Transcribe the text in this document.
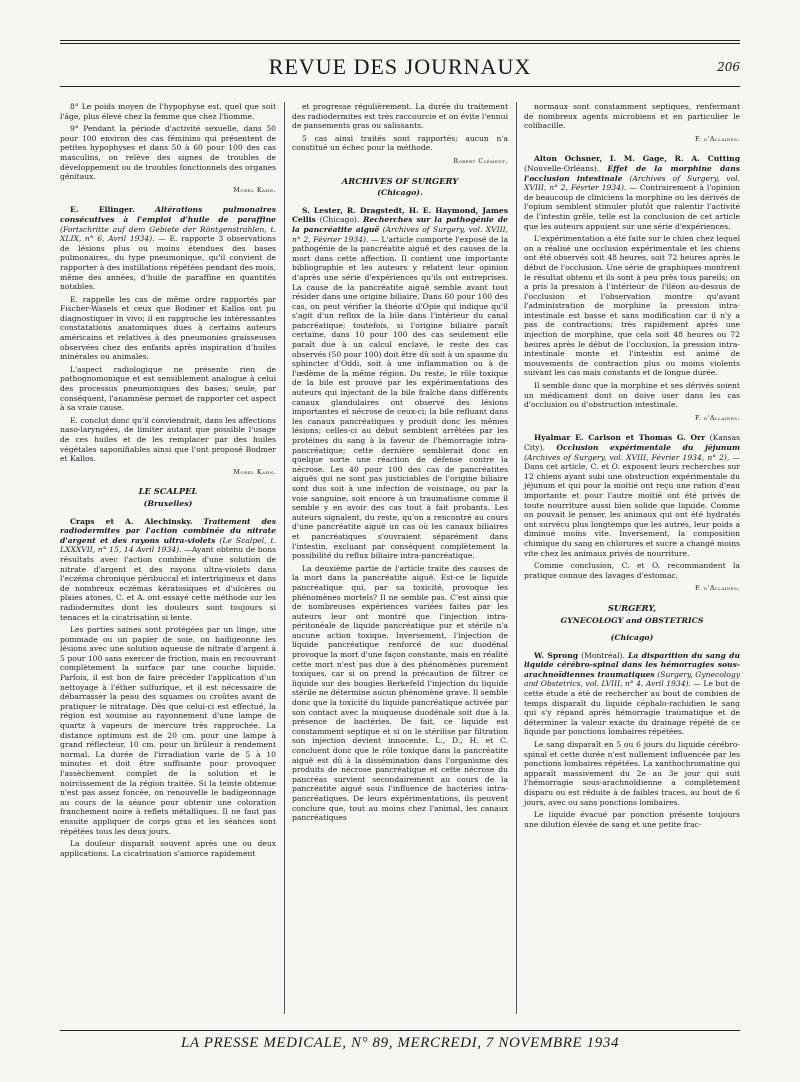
REVUE DES JOURNAUX	206

8° Le poids moyen de l'hypophyse est, quel que soit l'âge, plus élevé chez la femme que chez l'homme.

9° Pendant la période d'activité sexuelle, dans 50 pour 100 environ des cas féminins qui présentent de petites hypophyses et dans 50 à 60 pour 100 des cas masculins, on relève des signes de troubles de développement ou de troubles fonctionnels des organes génitaux.

Morel Kahn.

E. Ellinger.	Altérations pulmonaires consécutives à l'emploi d'huile de paraffine (Fortschritte auf dem Gebiete der Röntgenstrahlen, t. XLIX, n° 6, Avril 1934). — E. rapporte 3 observations de lésions plus ou moins étendues des bases pulmonaires, du type pneumonique, qu'il convient de rapporter à des instillations répétées pendant des mois, même des années, d'huile de paraffine en quantités notables.

E. rappelle les cas de même ordre rapportés par Fischer-Wasels et ceux que Bodmer et Kallos ont pu diagnostiquer in vivo; il en rapproche les intéressantes constatations anatomiques dues à certains auteurs américains et relatives à des pneumonies graisseuses observées chez des enfants après inspiration d'huiles minérales ou animales.

L'aspect radiologique ne présente rien de pathognomonique et est sensiblement analogue à celui des processus pneumoniques des bases; seule, par conséquent, l'anamnèse permet de rapporter cet aspect à sa vraie cause.

E. conclut donc qu'il conviendrait, dans les affections naso-laryngées, de limiter autant que possible l'usage de ces huiles et de les remplacer par des huiles végétales saponifiables ainsi que l'ont proposé Bodmer et Kallos.

Morel Kahn.
LE SCALPEL
(Bruxelles)

Craps et A. Alechinsky. Traitement des radiodermites par l'action combinée du nitrate d'argent et des rayons ultra-violets (Le Scalpel, t. LXXXVII, n° 15, 14 Avril 1934). —Ayant obtenu de bons résultats avec l'action combinée d'une solution de nitrate d'argent et des rayons ultra-violets dans l'eczéma chronique péribuccal et intertrigineux et dans de nombreux eczémas kératosiques et d'ulcères ou plaies atones, C. et A. ont essayé cette méthode sur les radiodermites dont les douleurs sont toujours si tenaces et la cicatrisation si lente.

Les parties saines sont protégées par un linge, une pommade ou un papier de soie, on badigeonne les lésions avec une solution aqueuse de nitrate d'argent à 5 pour 100 sans exercer de friction, mais en recouvrant complètement la surface par une couche liquide. Parfois, il est bon de faire précéder l'application d'un nettoyage à l'éther sulfurique, et il est nécessaire de débarrasser la peau des squames ou croûtes avant de pratiquer le nitratage. Dès que celui-ci est effectué, la région est soumise au rayonnement d'une lampe de quartz à vapeurs de mercure très rapprochée. La distance optimum est de 20 cm. pour une lampe à grand réflecteur, 10 cm. pour un brûleur à rendement normal. La durée de l'irradiation varie de 5 à 10 minutes et doit être suffisante pour provoquer l'assèchement complet de la solution et le noircissement de la région traitée. Si la teinte obtenue n'est pas assez foncée, on renouvelle le badigeonnage au cours de la séance pour obtenir une coloration franchement noire à reflets métalliques. Il ne faut pas ensuite appliquer de corps gras et les séances sont répétées tous les deux jours.

La douleur disparaît souvent après une ou deux applications. La cicatrisation s'amorce rapidement

et progresse régulièrement. La durée du traitement des radiodermites est très raccourcie et on évite l'ennui de pansements gras ou salissants.

5 cas ainsi traités sont rapportés; aucun n'a constitué un échec pour la méthode.

Robert Clément.
ARCHIVES OF SURGERY
(Chicago).

S. Lester, R. Dragstedt, H. E. Haymond, James Cellis (Chicago). Recherches sur la pathogénie de la pancréatite aiguë (Archives of Surgery, vol. XVIII, n° 2, Février 1934). — L'article comporte l'exposé de la pathogénie de la pancréatite aiguë et des causes de la mort dans cette affection. Il contient une importante bibliographie et les auteurs y relatent leur opinion d'après une série d'expériences qu'ils ont entreprises. La cause de la pancréatite aiguë semble avant tout résider dans une origine biliaire. Dans 60 pour 100 des cas, on peut vérifier la théorie d'Opie qui indique qu'il s'agit d'un reflux de la bile dans l'intérieur du canal pancréatique; toutefois, si l'origine biliaire paraît certaine, dans 10 pour 100 des cas seulement elle paraît due à un calcul enclavé, le reste des cas observés (50 pour 100) doit être dû soit à un spasme du sphincter d'Oddi, soit à une inflammation ou à de l'œdème de la même région. Du reste, le rôle toxique de la bile est prouvé par les expérimentations des auteurs qui injectant de la bile fraîche dans différents canaux glandulaires ont observé des lésions importantes et nécrose de ceux-ci; la bile refluant dans les canaux pancréatiques y produit donc les mêmes lésions; celles-ci au début semblent arrêtées par les protéines du sang à la faveur de l'hémorragie intra-pancréatique; cette dernière semblerait donc en quelque sorte une réaction de défense contre la nécrose. Les 40 pour 100 des cas de pancréatites aiguës qui ne sont pas justiciables de l'origine biliaire sont dus soit à une infection de voisinage, ou par la voie sanguine, soit encore à un traumatisme comme il semble y en avoir des cas tout à fait probants. Les auteurs signalent, du reste, qu'on a rencontré au cours d'une pancréatite aiguë un cas où les canaux biliaires et pancréatiques s'ouvraient séparément dans l'intestin, excluant par conséquent complètement la possibilité du reflux biliaire intra-pancréatique.

La deuxième partie de l'article traite des causes de la mort dans la pancréatite aiguë. Est-ce le liquide pancréatique qui, par sa toxicité, provoque les phénomènes mortels? Il ne semble pas. C'est ainsi que de nombreuses expériences variées faites par les auteurs leur ont montré que l'injection intra-péritonéale de liquide pancréatique pur et stérile n'a aucune action toxique. Inversement, l'injection de liquide pancréatique renforcé de suc duodénal provoque la mort d'une façon constante, mais en réalité cette mort n'est pas due à des phénomènes purement toxiques, car si on prend la précaution de filtrer ce liquide sur des bougies Berkefeld l'injection du liquide stérile ne détermine aucun phénomène grave. Il semble donc que la toxicité du liquide pancréatique activée par son contact avec la muqueuse duodénale soit due à la présence de bactéries. De fait, ce liquide est constamment septique et si on le stérilise par filtration son injection devient innocente. L., D., H. et C. concluent donc que le rôle toxique dans la pancréatite aiguë est dû à la dissémination dans l'organisme des produits de nécrose pancréatique et cette nécrose du pancréas survient secondairement au cours de la pancréatite aiguë sous l'influence de bactéries intra-pancréatiques. De leurs expérimentations, ils peuvent conclure que, tout au moins chez l'animal, les canaux pancréatiques

normaux sont constamment septiques, renfermant de nombreux agents microbiens et en particulier le colibacille.

F. d'Allaines.

Alton Ochsner, I. M. Gage, R. A. Cutting (Nouvelle-Orléans). Effet de la morphine dans l'occlusion intestinale (Archives of Surgery, vol. XVIII, n° 2, Février 1934). — Contrairement à l'opinion de beaucoup de cliniciens la morphine ou les dérivés de l'opium semblent stimuler plutôt que ralentir l'activité de l'intestin grêle, telle est la conclusion de cet article que les auteurs appuient sur une série d'expériences.

L'expérimentation a été faite sur le chien chez lequel on a réalisé une occlusion expérimentale et les chiens ont été observés soit 48 heures, soit 72 heures après le début de l'occlusion. Une série de graphiques montrent le résultat obtenu et ils sont à peu près tous pareils; on a pris la pression à l'intérieur de l'iléon au-dessus de l'occlusion et l'observation montre qu'avant l'administration de morphine la pression intra-intestinale est basse et sans modification car il n'y a pas de contractions; très rapidement après une injection de morphine, que cela soit 48 heures ou 72 heures après le début de l'occlusion, la pression intra-intestinale monte et l'intestin est animé de mouvements de contraction plus ou moins violents suivant les cas mais constants et de longue durée.

Il semble donc que la morphine et ses dérivés soient un médicament dont on doive user dans les cas d'occlusion ou d'obstruction intestinale.

F. d'Allaines.

Hyalmar E. Carlson et Thomas G. Orr (Kansas City). Occlusion expérimentale du jéjunum (Archives of Surgery, vol. XVIII, Février 1934, n° 2), — Dans cet article, C. et O. exposent leurs recherches sur 12 chiens ayant subi une obstruction expérimentale du jéjunum et qui pour la moitié ont reçu une ration d'eau importante et pour l'autre moitié ont été privés de toute nourriture aussi bien solide que liquide. Comme on pouvait le penser, les animaux qui ont été hydratés ont survécu plus longtemps que les autres, leur poids a diminué moins vite. Inversement, la composition chimique du sang en chlorures et sucre a changé moins vite chez les animaux privés de nourriture.

Comme conclusion, C. et O. recommandent la pratique connue des lavages d'estomac.

F. d'Allaines.
SURGERY,
GYNECOLOGY and OBSTETRICS
(Chicago)

W. Sprong (Montréal). La disparition du sang du liquide cérébro-spinal dans les hémorragies sous-arachnoïdiennes traumatiques (Surgery, Gynecology and Obstetrics, vol. LVIII, n° 4, Avril 1934). — Le but de cette étude a été de rechercher au bout de combien de temps disparaît du liquide céphalo-rachidien le sang qui s'y répand après hémorragie traumatique et de déterminer la valeur exacte du drainage répété de ce liquide par ponctions lombaires répétées.

Le sang disparaît en 5 ou 6 jours du liquide cérébro-spinal et cette durée n'est nullement influencée par les ponctions lombaires répétées. La xanthochromatine qui apparaît massivement du 2e au 3e jour qui suit l'hémorragie sous-arachnoïdienne a complètement disparu ou est réduite à de faibles traces, au bout de 6 jours, avec ou sans ponctions lombaires.

Le liquide évacué par ponction présente toujours une dilution élevée de sang et une petite frac-

LA PRESSE MEDICALE, N° 89, MERCREDI, 7 NOVEMBRE 1934
